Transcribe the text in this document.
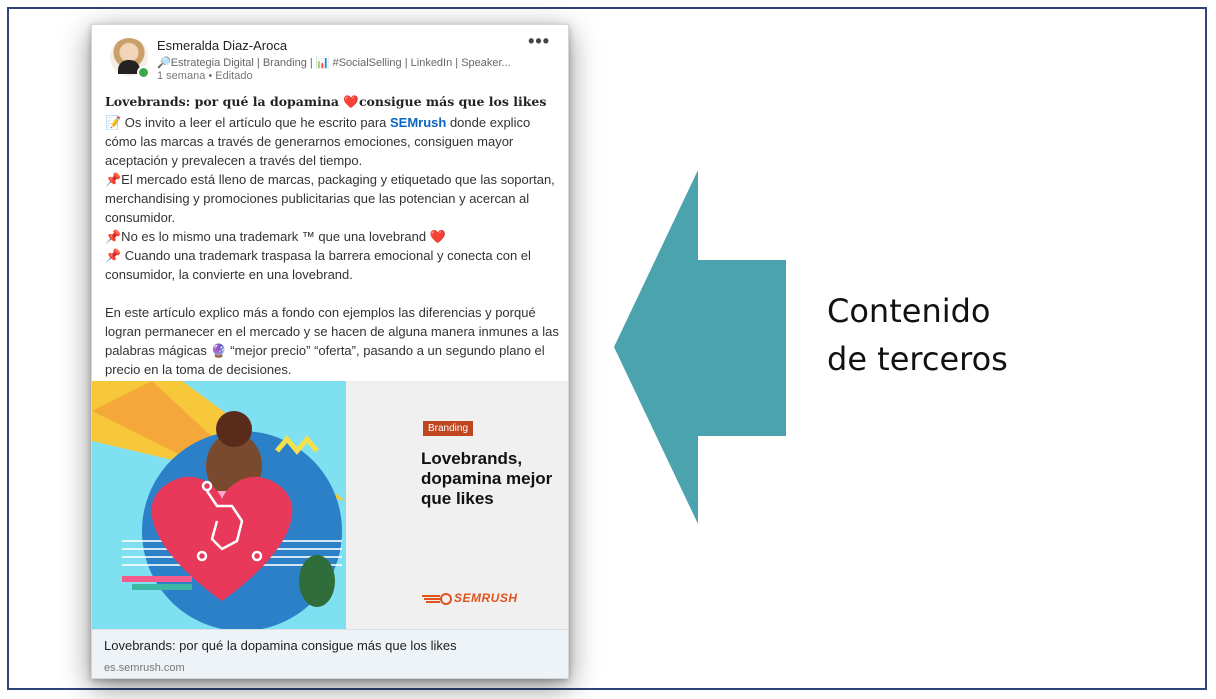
Esmeralda Diaz-Aroca
🔎Estrategia Digital | Branding | 📊 #SocialSelling | LinkedIn | Speaker...
1 semana • Editado
•••
Lovebrands: por qué la dopamina ❤️consigue más que los likes

📝 Os invito a leer el artículo que he escrito para SEMrush donde explico cómo las marcas a través de generarnos emociones, consiguen mayor aceptación y prevalecen a través del tiempo.

📌El mercado está lleno de marcas, packaging y etiquetado que las soportan, merchandising y promociones publicitarias que las potencian y acercan al consumidor.

📌No es lo mismo una trademark ™ que una lovebrand ❤️

📌 Cuando una trademark traspasa la barrera emocional y conecta con el consumidor, la convierte en una lovebrand.

En este artículo explico más a fondo con ejemplos las diferencias y porqué logran permanecer en el mercado y se hacen de alguna manera inmunes a las palabras mágicas 🔮 “mejor precio” “oferta”, pasando a un segundo plano el precio en la toma de decisiones.

Branding
Lovebrands, dopamina mejor que likes
SEMRUSH
Lovebrands: por qué la dopamina consigue más que los likes
es.semrush.com
Contenido
de terceros
